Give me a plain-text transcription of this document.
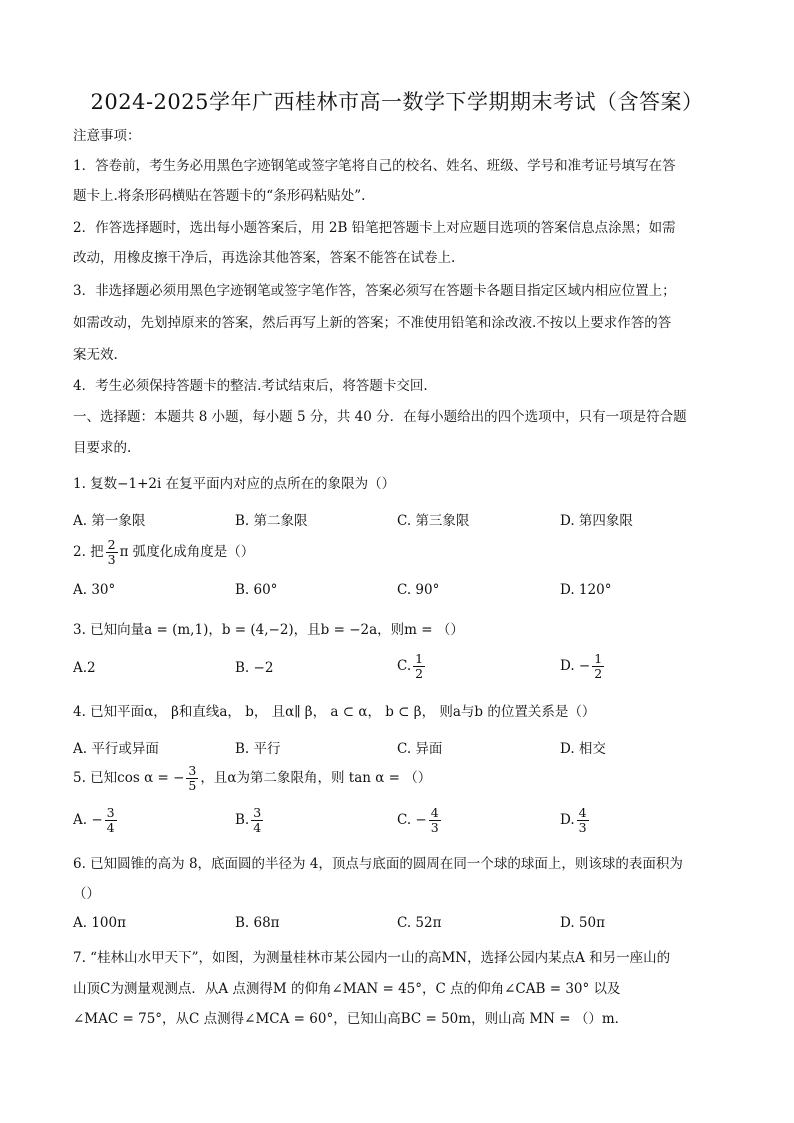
2024-2025学年广西桂林市高一数学下学期期末考试（含答案）
注意事项：
1．答卷前，考生务必用黑色字迹钢笔或签字笔将自己的校名、姓名、班级、学号和准考证号填写在答
题卡上.将条形码横贴在答题卡的“条形码粘贴处”.
2．作答选择题时，选出每小题答案后，用 2B 铅笔把答题卡上对应题目选项的答案信息点涂黑；如需
改动，用橡皮擦干净后，再选涂其他答案，答案不能答在试卷上.
3．非选择题必须用黑色字迹钢笔或签字笔作答，答案必须写在答题卡各题目指定区域内相应位置上；
如需改动，先划掉原来的答案，然后再写上新的答案；不准使用铅笔和涂改液.不按以上要求作答的答
案无效.
4．考生必须保持答题卡的整洁.考试结束后，将答题卡交回.
一、选择题：本题共 8 小题，每小题 5 分，共 40 分．在每小题给出的四个选项中，只有一项是符合题
目要求的.
1. 复数−1+2i 在复平面内对应的点所在的象限为（）
A. 第一象限	B. 第二象限	C. 第三象限	D. 第四象限
2. 把 $\frac{2}{3}$ π 弧度化成角度是（）
A. 30°	B. 60°	C. 90°	D. 120°
3. 已知向量a = (m,1)，b = (4,−2)，且b = −2a，则m = （）
A.2	B. −2	C. $\frac{1}{2}$	D. − $\frac{1}{2}$
4. 已知平面α， β和直线a， b， 且α∥ β， a ⊂ α， b ⊂ β， 则a与b 的位置关系是（）
A. 平行或异面	B. 平行	C. 异面	D. 相交
5. 已知cos α = − $\frac{3}{5}$ ，且α为第二象限角，则 tan α = （）
A. − $\frac{3}{4}$	B. $\frac{3}{4}$	C. − $\frac{4}{3}$	D. $\frac{4}{3}$
6. 已知圆锥的高为 8，底面圆的半径为 4，顶点与底面的圆周在同一个球的球面上，则该球的表面积为
（）
A. 100π	B. 68π	C. 52π	D. 50π
7. “桂林山水甲天下”，如图，为测量桂林市某公园内一山的高MN，选择公园内某点A 和另一座山的
山顶C为测量观测点．从A 点测得M 的仰角∠MAN = 45°，C 点的仰角∠CAB = 30° 以及
∠MAC = 75°，从C 点测得∠MCA = 60°，已知山高BC = 50m，则山高 MN = （）m．
